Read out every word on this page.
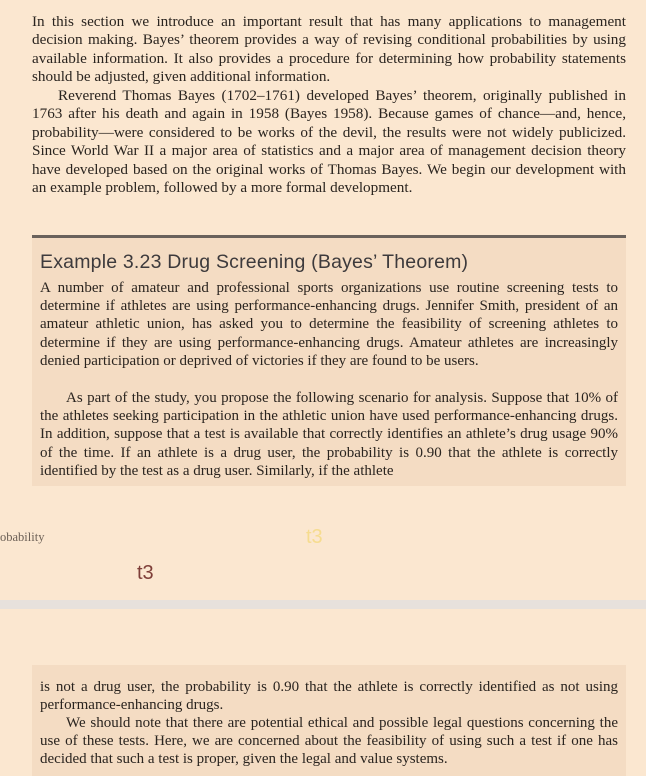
In this section we introduce an important result that has many applications to management decision making. Bayes’ theorem provides a way of revising conditional probabilities by using available information. It also provides a procedure for determining how probability statements should be adjusted, given additional information.

Reverend Thomas Bayes (1702–1761) developed Bayes’ theorem, originally published in 1763 after his death and again in 1958 (Bayes 1958). Because games of chance—and, hence, probability—were considered to be works of the devil, the results were not widely publicized. Since World War II a major area of statistics and a major area of management decision theory have developed based on the original works of Thomas Bayes. We begin our development with an example problem, followed by a more formal development.

Example 3.23 Drug Screening (Bayes’ Theorem)

A number of amateur and professional sports organizations use routine screening tests to determine if athletes are using performance-enhancing drugs. Jennifer Smith, president of an amateur athletic union, has asked you to determine the feasibility of screening athletes to determine if they are using performance-enhancing drugs. Amateur athletes are increasingly denied participation or deprived of victories if they are found to be users.

As part of the study, you propose the following scenario for analysis. Suppose that 10% of the athletes seeking participation in the athletic union have used performance-enhancing drugs. In addition, suppose that a test is available that correctly identifies an athlete’s drug usage 90% of the time. If an athlete is a drug user, the probability is 0.90 that the athlete is correctly identified by the test as a drug user. Similarly, if the athlete

obability	t3
t3

is not a drug user, the probability is 0.90 that the athlete is correctly identified as not using performance-enhancing drugs.

We should note that there are potential ethical and possible legal questions concerning the use of these tests. Here, we are concerned about the feasibility of using such a test if one has decided that such a test is proper, given the legal and value systems.
